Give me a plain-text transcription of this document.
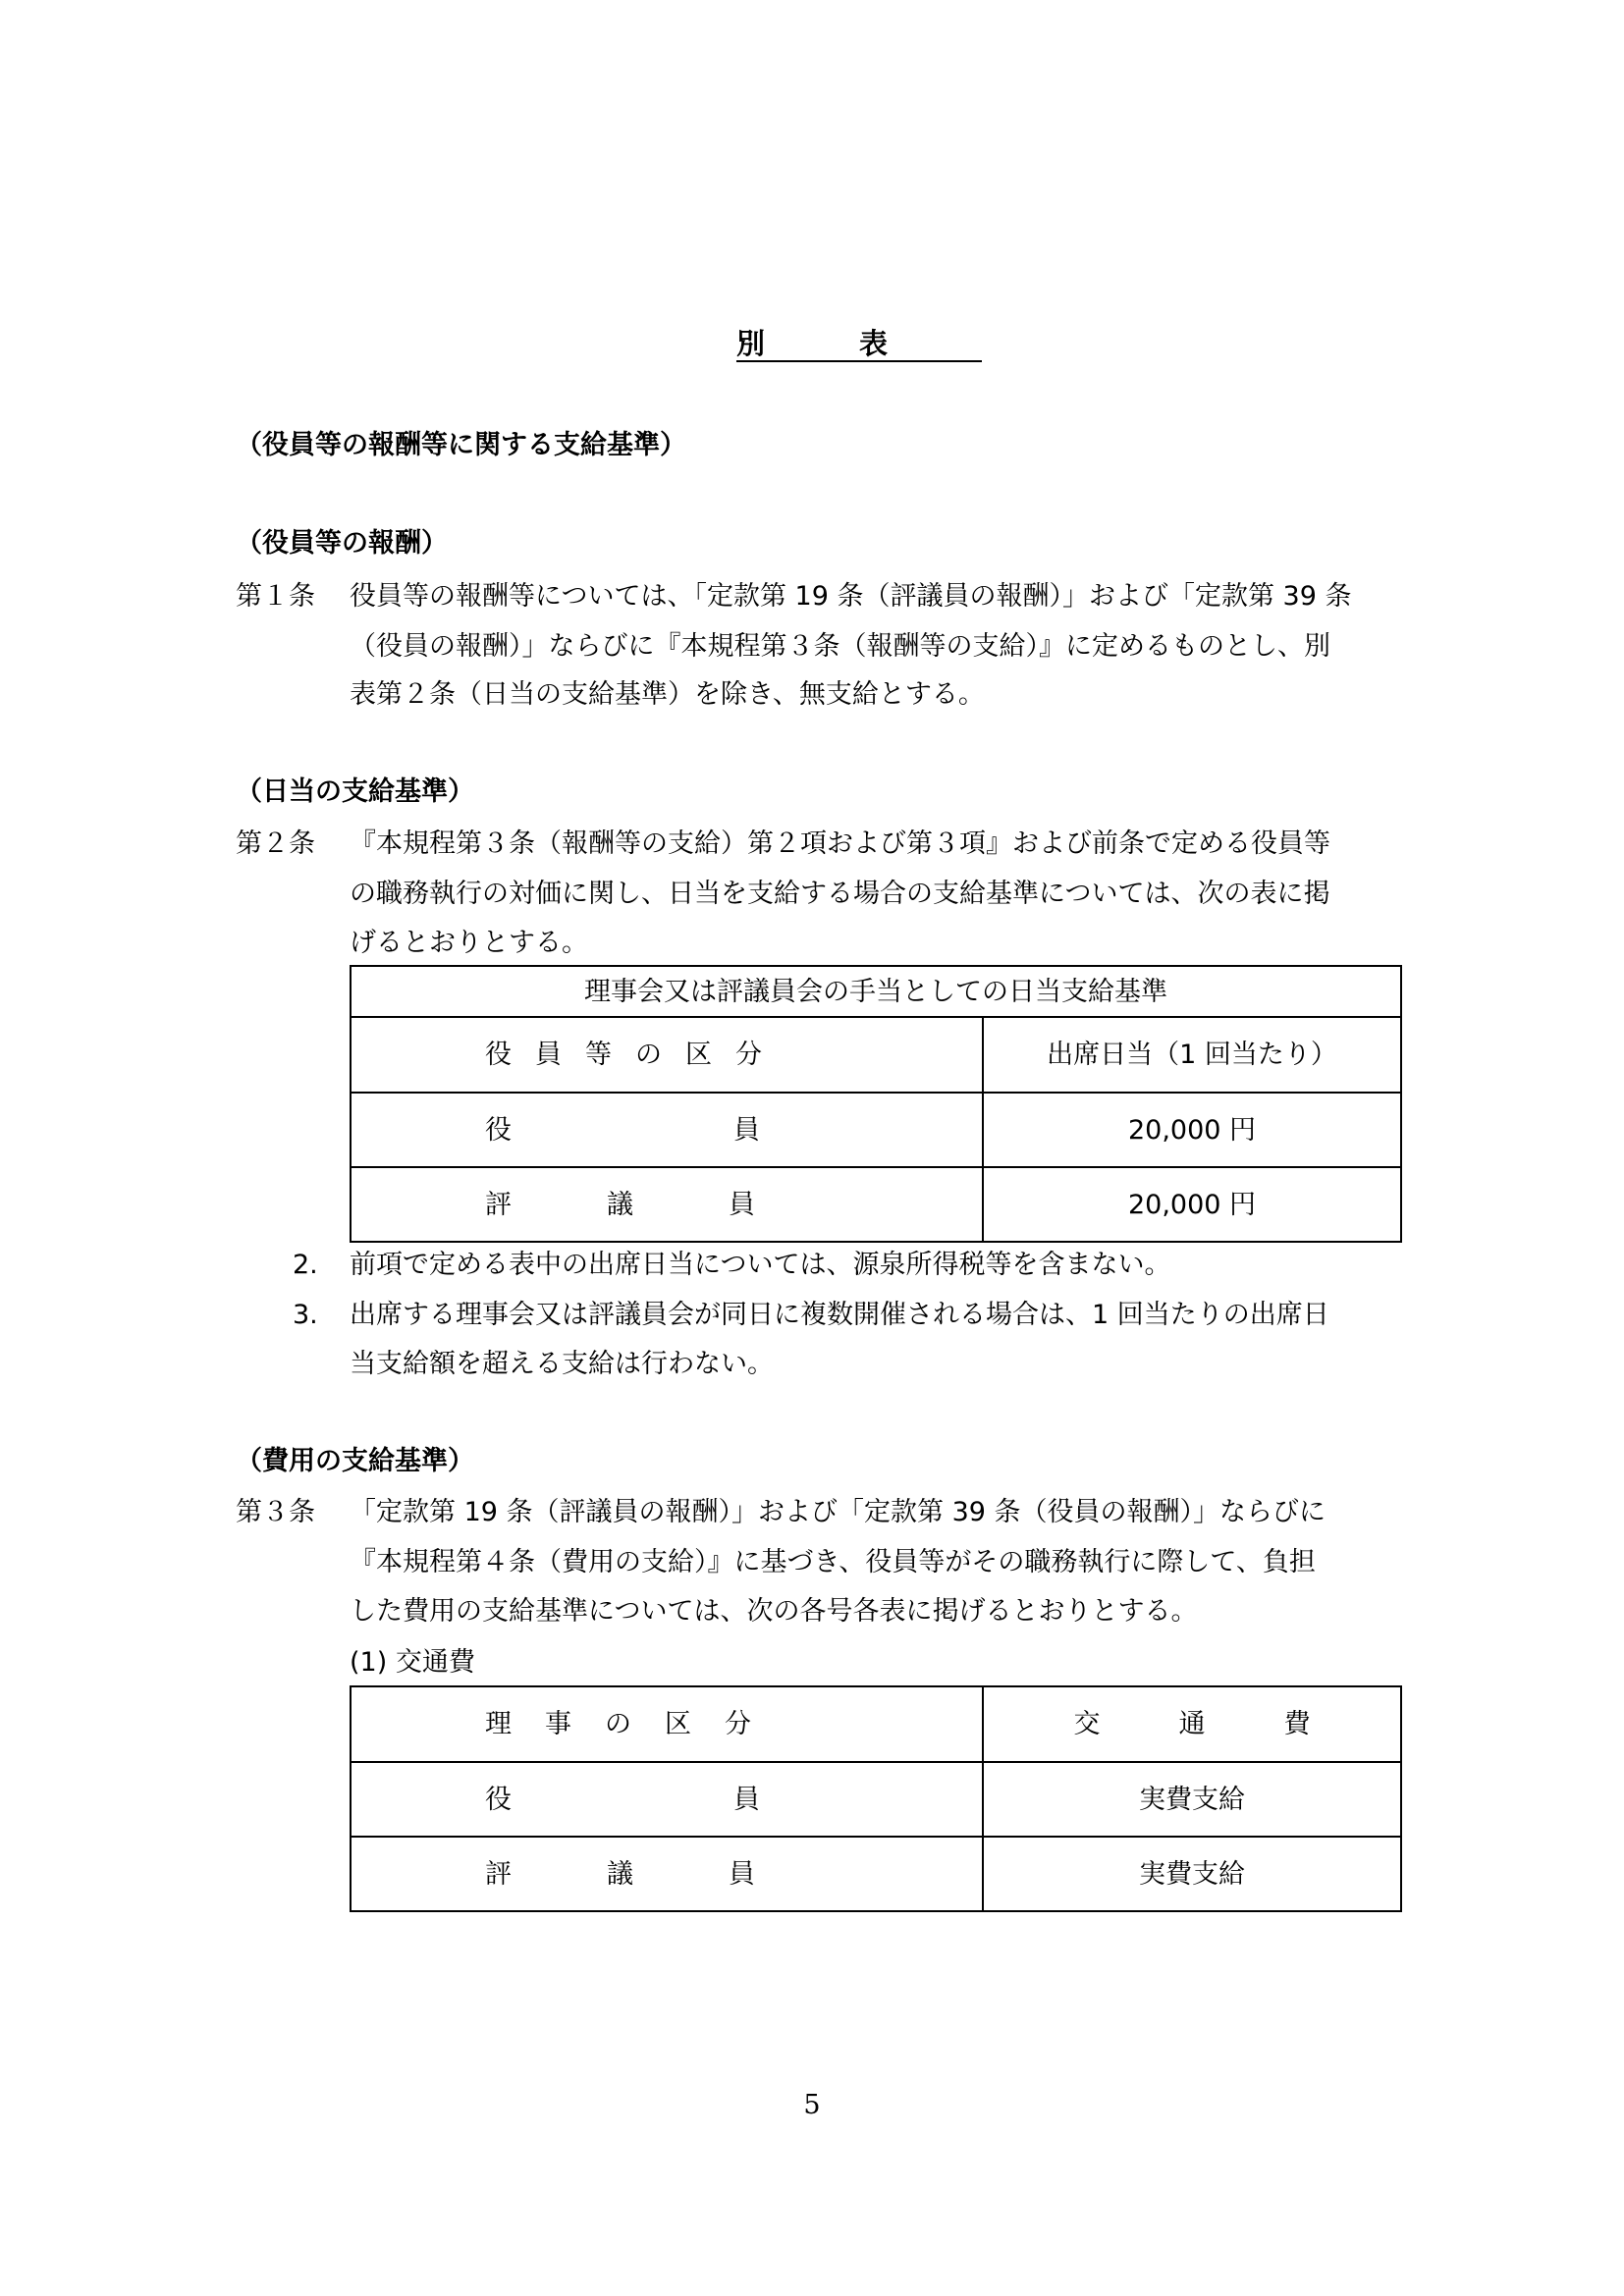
別表
（役員等の報酬等に関する支給基準）
（役員等の報酬）
第１条 役員等の報酬等については、「定款第 19 条（評議員の報酬）」および「定款第 39 条
（役員の報酬）」ならびに『本規程第３条（報酬等の支給）』に定めるものとし、別
表第２条（日当の支給基準）を除き、無支給とする。
（日当の支給基準）
第２条 『本規程第３条（報酬等の支給）第２項および第３項』および前条で定める役員等
の職務執行の対価に関し、日当を支給する場合の支給基準については、次の表に掲
げるとおりとする。
理事会又は評議員会の手当としての日当支給基準	
役員等の区分	出席日当（1 回当たり）
役員	20,000 円
評議員	20,000 円
2. 前項で定める表中の出席日当については、源泉所得税等を含まない。
3. 出席する理事会又は評議員会が同日に複数開催される場合は、1 回当たりの出席日
当支給額を超える支給は行わない。
（費用の支給基準）
第３条 「定款第 19 条（評議員の報酬）」および「定款第 39 条（役員の報酬）」ならびに
『本規程第４条（費用の支給）』に基づき、役員等がその職務執行に際して、負担
した費用の支給基準については、次の各号各表に掲げるとおりとする。
(1) 交通費
理事の区分	交通費
役員	実費支給
評議員	実費支給
5
